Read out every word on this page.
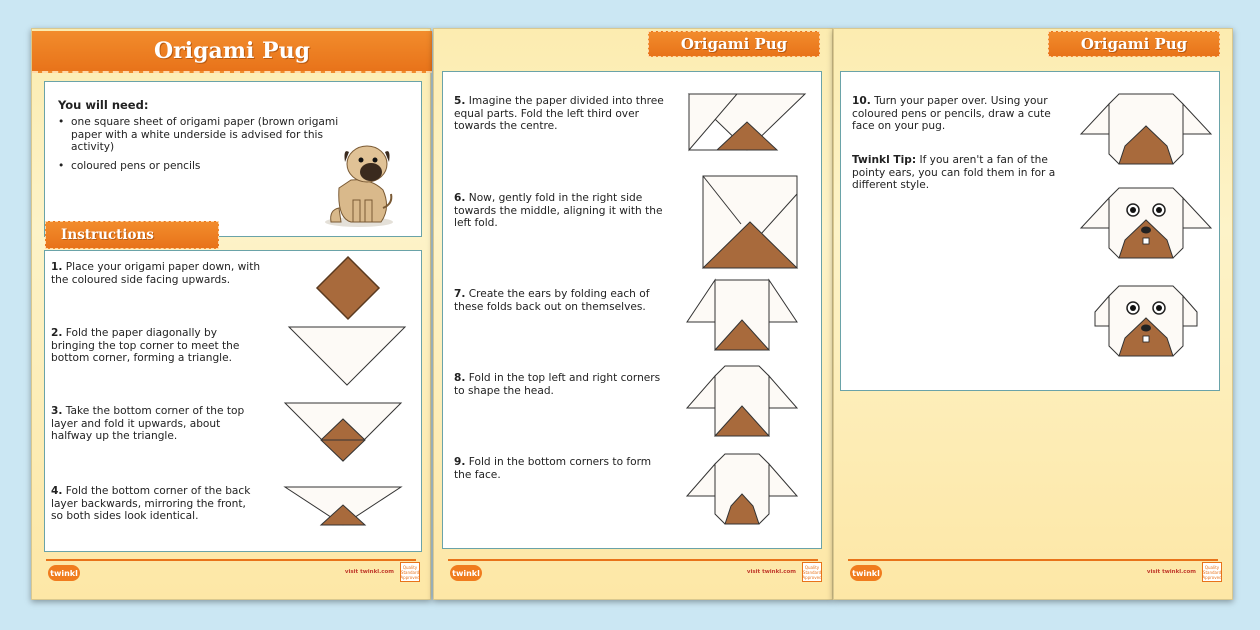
Origami Pug
You will need:
• one square sheet of origami paper (brown origami paper with a white underside is advised for this activity)
• coloured pens or pencils
Instructions
1. Place your origami paper down, with the coloured side facing upwards.
2. Fold the paper diagonally by bringing the top corner to meet the bottom corner, forming a triangle.
3. Take the bottom corner of the top layer and fold it upwards, about halfway up the triangle.
4. Fold the bottom corner of the back layer backwards, mirroring the front, so both sides look identical.
twinkl	visit twinkl.com
Quality Standard Approved
Origami Pug
5. Imagine the paper divided into three equal parts. Fold the left third over towards the centre.
6. Now, gently fold in the right side towards the middle, aligning it with the left fold.
7. Create the ears by folding each of these folds back out on themselves.
8. Fold in the top left and right corners to shape the head.
9. Fold in the bottom corners to form the face.
twinkl	visit twinkl.com
Quality Standard Approved
Origami Pug
10. Turn your paper over. Using your coloured pens or pencils, draw a cute face on your pug.
Twinkl Tip: If you aren't a fan of the pointy ears, you can fold them in for a different style.
twinkl	visit twinkl.com
Quality Standard Approved
